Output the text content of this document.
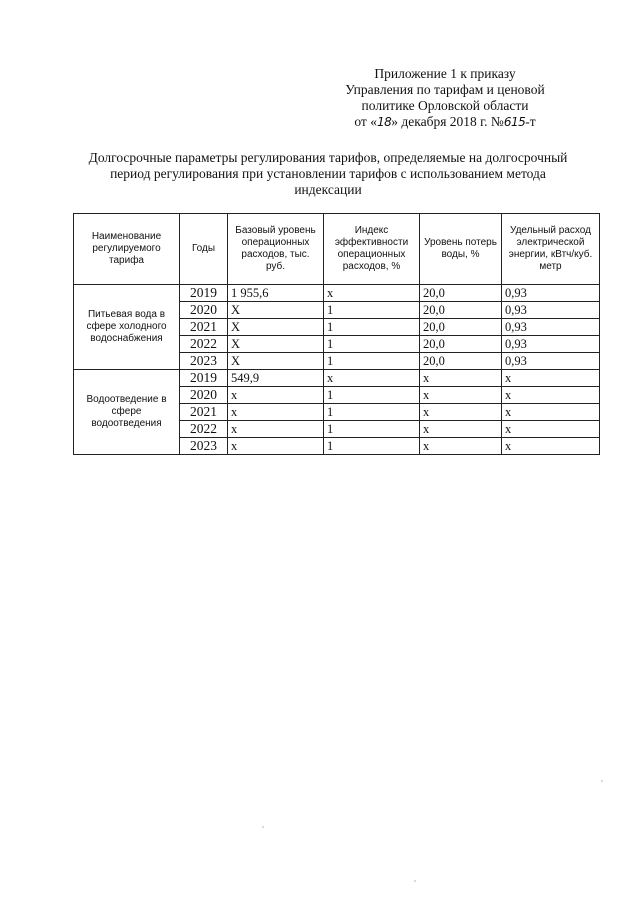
Приложение 1 к приказу
Управления по тарифам и ценовой
политике Орловской области
от «18» декабря 2018 г. №615-т
Долгосрочные параметры регулирования тарифов, определяемые на долгосрочный
период регулирования при установлении тарифов с использованием метода
индексации
Наименование регулируемого тарифа	Годы	Базовый уровень операционных расходов, тыс. руб.	Индекс эффективности операционных расходов, %	Уровень потерь воды, %	Удельный расход электрической энергии, кВтч/куб. метр
Питьевая вода в сфере холодного водоснабжения	2019	1 955,6	x	20,0	0,93
	2020	X	1	20,0	0,93
	2021	X	1	20,0	0,93
	2022	X	1	20,0	0,93
	2023	X	1	20,0	0,93
Водоотведение в сфере водоотведения	2019	549,9	x	x	x
	2020	x	1	x	x
	2021	x	1	x	x
	2022	x	1	x	x
	2023	x	1	x	x
